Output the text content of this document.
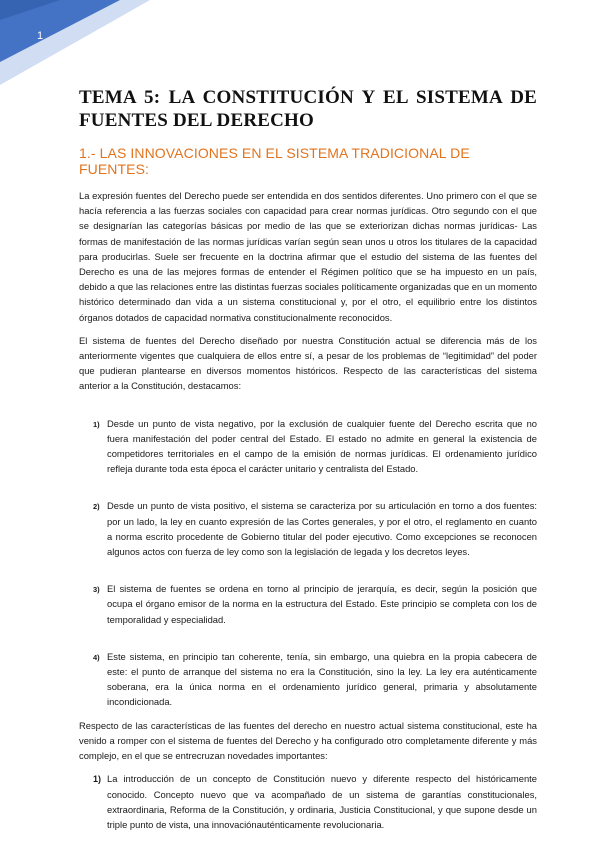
1
TEMA 5: LA CONSTITUCIÓN Y EL SISTEMA DE FUENTES DEL DERECHO
1.- LAS INNOVACIONES EN EL SISTEMA TRADICIONAL DE FUENTES:

La expresión fuentes del Derecho puede ser entendida en dos sentidos diferentes. Uno primero con el que se hacía referencia a las fuerzas sociales con capacidad para crear normas jurídicas. Otro segundo con el que se designarían las categorías básicas por medio de las que se exteriorizan dichas normas jurídicas- Las formas de manifestación de las normas jurídicas varían según sean unos u otros los titulares de la capacidad para producirlas. Suele ser frecuente en la doctrina afirmar que el estudio del sistema de las fuentes del Derecho es una de las mejores formas de entender el Régimen político que se ha impuesto en un país, debido a que las relaciones entre las distintas fuerzas sociales políticamente organizadas que en un momento histórico determinado dan vida a un sistema constitucional y, por el otro, el equilibrio entre los distintos órganos dotados de capacidad normativa constitucionalmente reconocidos.

El sistema de fuentes del Derecho diseñado por nuestra Constitución actual se diferencia más de los anteriormente vigentes que cualquiera de ellos entre sí, a pesar de los problemas de “legitimidad” del poder que pudieran plantearse en diversos momentos históricos. Respecto de las características del sistema anterior a la Constitución, destacamos:

1) Desde un punto de vista negativo, por la exclusión de cualquier fuente del Derecho escrita que no fuera manifestación del poder central del Estado. El estado no admite en general la existencia de competidores territoriales en el campo de la emisión de normas jurídicas. El ordenamiento jurídico refleja durante toda esta época el carácter unitario y centralista del Estado.
2) Desde un punto de vista positivo, el sistema se caracteriza por su articulación en torno a dos fuentes: por un lado, la ley en cuanto expresión de las Cortes generales, y por el otro, el reglamento en cuanto a norma escrito procedente de Gobierno titular del poder ejecutivo. Como excepciones se reconocen algunos actos con fuerza de ley como son la legislación de legada y los decretos leyes.
3) El sistema de fuentes se ordena en torno al principio de jerarquía, es decir, según la posición que ocupa el órgano emisor de la norma en la estructura del Estado. Este principio se completa con los de temporalidad y especialidad.
4) Este sistema, en principio tan coherente, tenía, sin embargo, una quiebra en la propia cabecera de este: el punto de arranque del sistema no era la Constitución, sino la ley. La ley era auténticamente soberana, era la única norma en el ordenamiento jurídico general, primaria y absolutamente incondicionada.

Respecto de las características de las fuentes del derecho en nuestro actual sistema constitucional, este ha venido a romper con el sistema de fuentes del Derecho y ha configurado otro completamente diferente y más complejo, en el que se entrecruzan novedades importantes:

1) La introducción de un concepto de Constitución nuevo y diferente respecto del históricamente conocido. Concepto nuevo que va acompañado de un sistema de garantías constitucionales, extraordinaria, Reforma de la Constitución, y ordinaria, Justicia Constitucional, y que supone desde un triple punto de vista, una innovaciónauténticamente revolucionaria.
